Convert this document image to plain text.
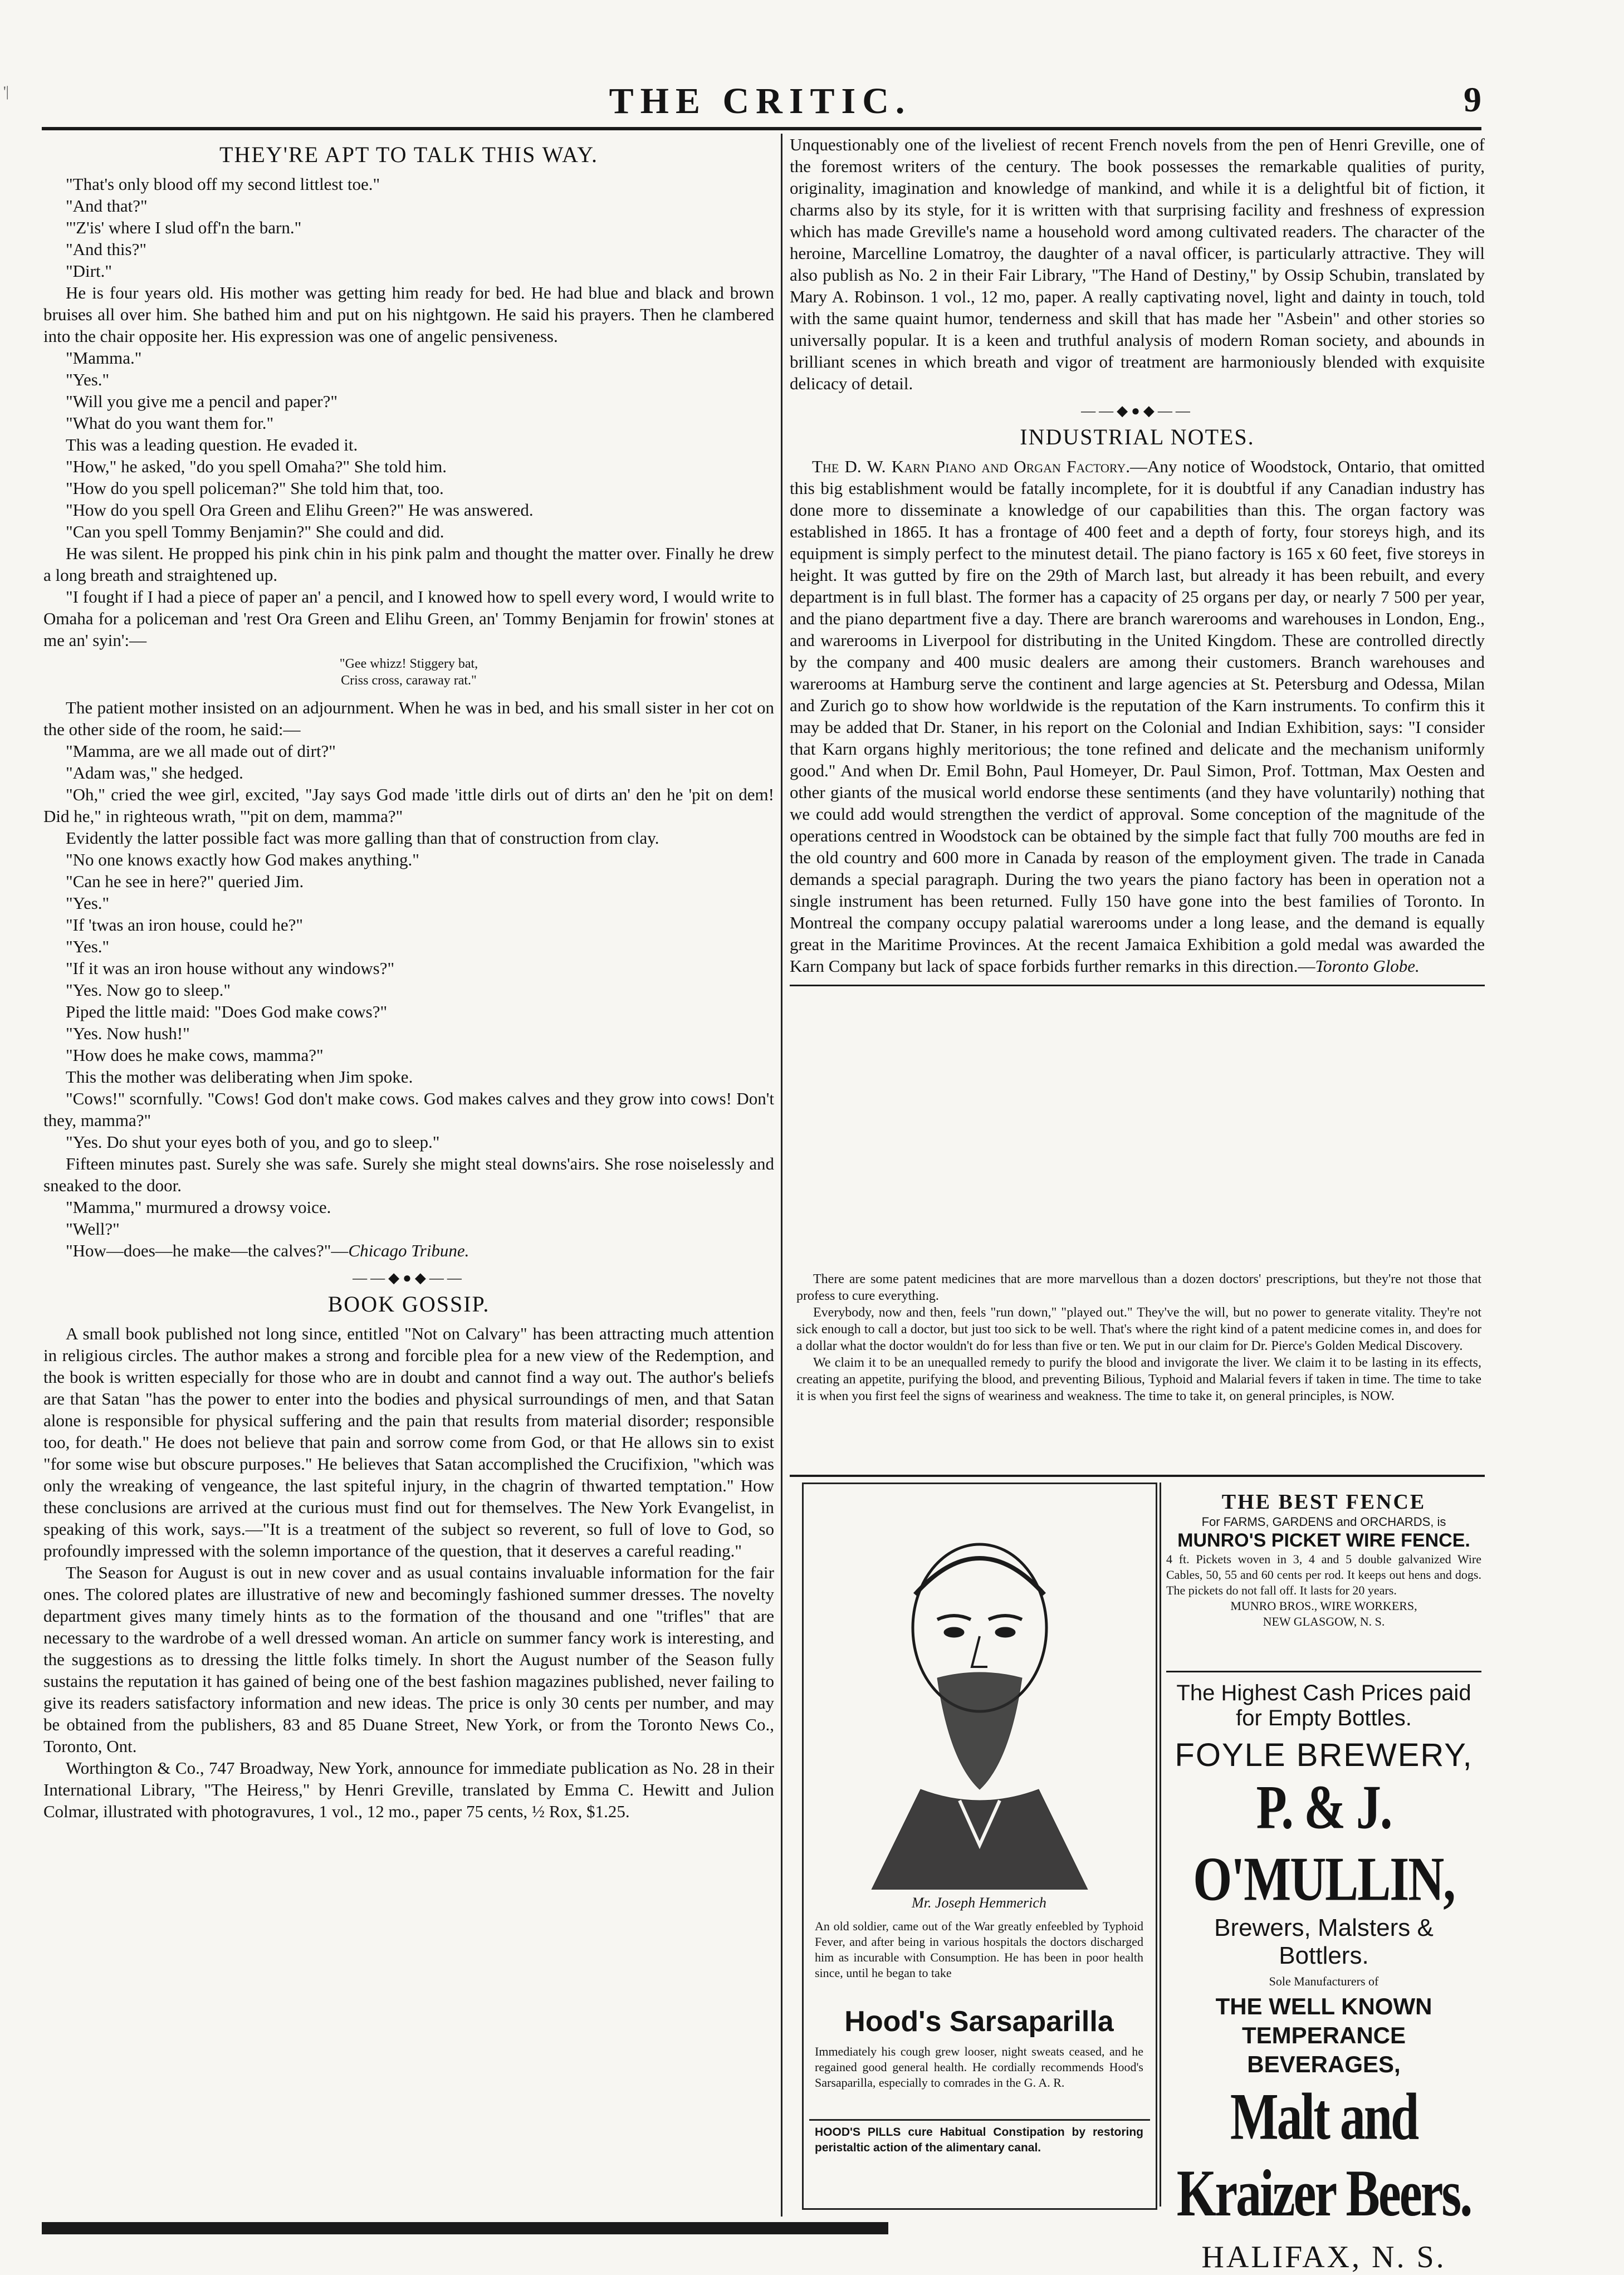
'|	THE CRITIC.	9
THEY'RE APT TO TALK THIS WAY.

"That's only blood off my second littlest toe."

"And that?"

"'Z'is' where I slud off'n the barn."

"And this?"

"Dirt."

He is four years old. His mother was getting him ready for bed. He had blue and black and brown bruises all over him. She bathed him and put on his nightgown. He said his prayers. Then he clambered into the chair opposite her. His expression was one of angelic pensiveness.

"Mamma."

"Yes."

"Will you give me a pencil and paper?"

"What do you want them for."

This was a leading question. He evaded it.

"How," he asked, "do you spell Omaha?" She told him.

"How do you spell policeman?" She told him that, too.

"How do you spell Ora Green and Elihu Green?" He was answered.

"Can you spell Tommy Benjamin?" She could and did.

He was silent. He propped his pink chin in his pink palm and thought the matter over. Finally he drew a long breath and straightened up.

"I fought if I had a piece of paper an' a pencil, and I knowed how to spell every word, I would write to Omaha for a policeman and 'rest Ora Green and Elihu Green, an' Tommy Benjamin for frowin' stones at me an' syin':—

"Gee whizz! Stiggery bat,
Criss cross, caraway rat."

The patient mother insisted on an adjournment. When he was in bed, and his small sister in her cot on the other side of the room, he said:—

"Mamma, are we all made out of dirt?"

"Adam was," she hedged.

"Oh," cried the wee girl, excited, "Jay says God made 'ittle dirls out of dirts an' den he 'pit on dem! Did he," in righteous wrath, "'pit on dem, mamma?"

Evidently the latter possible fact was more galling than that of construction from clay.

"No one knows exactly how God makes anything."

"Can he see in here?" queried Jim.

"Yes."

"If 'twas an iron house, could he?"

"Yes."

"If it was an iron house without any windows?"

"Yes. Now go to sleep."

Piped the little maid: "Does God make cows?"

"Yes. Now hush!"

"How does he make cows, mamma?"

This the mother was deliberating when Jim spoke.

"Cows!" scornfully. "Cows! God don't make cows. God makes calves and they grow into cows! Don't they, mamma?"

"Yes. Do shut your eyes both of you, and go to sleep."

Fifteen minutes past. Surely she was safe. Surely she might steal downs'airs. She rose noiselessly and sneaked to the door.

"Mamma," murmured a drowsy voice.

"Well?"

"How—does—he make—the calves?"—Chicago Tribune.

——◆●◆——
BOOK GOSSIP.

A small book published not long since, entitled "Not on Calvary" has been attracting much attention in religious circles. The author makes a strong and forcible plea for a new view of the Redemption, and the book is written especially for those who are in doubt and cannot find a way out. The author's beliefs are that Satan "has the power to enter into the bodies and physical surroundings of men, and that Satan alone is responsible for physical suffering and the pain that results from material disorder; responsible too, for death." He does not believe that pain and sorrow come from God, or that He allows sin to exist "for some wise but obscure purposes." He believes that Satan accomplished the Crucifixion, "which was only the wreaking of vengeance, the last spiteful injury, in the chagrin of thwarted temptation." How these conclusions are arrived at the curious must find out for themselves. The New York Evangelist, in speaking of this work, says.—"It is a treatment of the subject so reverent, so full of love to God, so profoundly impressed with the solemn importance of the question, that it deserves a careful reading."

The Season for August is out in new cover and as usual contains invaluable information for the fair ones. The colored plates are illustrative of new and becomingly fashioned summer dresses. The novelty department gives many timely hints as to the formation of the thousand and one "trifles" that are necessary to the wardrobe of a well dressed woman. An article on summer fancy work is interesting, and the suggestions as to dressing the little folks timely. In short the August number of the Season fully sustains the reputation it has gained of being one of the best fashion magazines published, never failing to give its readers satisfactory information and new ideas. The price is only 30 cents per number, and may be obtained from the publishers, 83 and 85 Duane Street, New York, or from the Toronto News Co., Toronto, Ont.

Worthington & Co., 747 Broadway, New York, announce for immediate publication as No. 28 in their International Library, "The Heiress," by Henri Greville, translated by Emma C. Hewitt and Julion Colmar, illustrated with photogravures, 1 vol., 12 mo., paper 75 cents, ½ Rox, $1.25.

Unquestionably one of the liveliest of recent French novels from the pen of Henri Greville, one of the foremost writers of the century. The book possesses the remarkable qualities of purity, originality, imagination and knowledge of mankind, and while it is a delightful bit of fiction, it charms also by its style, for it is written with that surprising facility and freshness of expression which has made Greville's name a household word among cultivated readers. The character of the heroine, Marcelline Lomatroy, the daughter of a naval officer, is particularly attractive. They will also publish as No. 2 in their Fair Library, "The Hand of Destiny," by Ossip Schubin, translated by Mary A. Robinson. 1 vol., 12 mo, paper. A really captivating novel, light and dainty in touch, told with the same quaint humor, tenderness and skill that has made her "Asbein" and other stories so universally popular. It is a keen and truthful analysis of modern Roman society, and abounds in brilliant scenes in which breath and vigor of treatment are harmoniously blended with exquisite delicacy of detail.

——◆●◆——
INDUSTRIAL NOTES.

The D. W. Karn Piano and Organ Factory.—Any notice of Woodstock, Ontario, that omitted this big establishment would be fatally incomplete, for it is doubtful if any Canadian industry has done more to disseminate a knowledge of our capabilities than this. The organ factory was established in 1865. It has a frontage of 400 feet and a depth of forty, four storeys high, and its equipment is simply perfect to the minutest detail. The piano factory is 165 x 60 feet, five storeys in height. It was gutted by fire on the 29th of March last, but already it has been rebuilt, and every department is in full blast. The former has a capacity of 25 organs per day, or nearly 7 500 per year, and the piano department five a day. There are branch warerooms and warehouses in London, Eng., and warerooms in Liverpool for distributing in the United Kingdom. These are controlled directly by the company and 400 music dealers are among their customers. Branch warehouses and warerooms at Hamburg serve the continent and large agencies at St. Petersburg and Odessa, Milan and Zurich go to show how worldwide is the reputation of the Karn instruments. To confirm this it may be added that Dr. Staner, in his report on the Colonial and Indian Exhibition, says: "I consider that Karn organs highly meritorious; the tone refined and delicate and the mechanism uniformly good." And when Dr. Emil Bohn, Paul Homeyer, Dr. Paul Simon, Prof. Tottman, Max Oesten and other giants of the musical world endorse these sentiments (and they have voluntarily) nothing that we could add would strengthen the verdict of approval. Some conception of the magnitude of the operations centred in Woodstock can be obtained by the simple fact that fully 700 mouths are fed in the old country and 600 more in Canada by reason of the employment given. The trade in Canada demands a special paragraph. During the two years the piano factory has been in operation not a single instrument has been returned. Fully 150 have gone into the best families of Toronto. In Montreal the company occupy palatial warerooms under a long lease, and the demand is equally great in the Maritime Provinces. At the recent Jamaica Exhibition a gold medal was awarded the Karn Company but lack of space forbids further remarks in this direction.—Toronto Globe.

There are some patent medicines that are more marvellous than a dozen doctors' prescriptions, but they're not those that profess to cure everything.

Everybody, now and then, feels "run down," "played out." They've the will, but no power to generate vitality. They're not sick enough to call a doctor, but just too sick to be well. That's where the right kind of a patent medicine comes in, and does for a dollar what the doctor wouldn't do for less than five or ten. We put in our claim for Dr. Pierce's Golden Medical Discovery.

We claim it to be an unequalled remedy to purify the blood and invigorate the liver. We claim it to be lasting in its effects, creating an appetite, purifying the blood, and preventing Bilious, Typhoid and Malarial fevers if taken in time. The time to take it is when you first feel the signs of weariness and weakness. The time to take it, on general principles, is NOW.

Mr. Joseph Hemmerich
An old soldier, came out of the War greatly enfeebled by Typhoid Fever, and after being in various hospitals the doctors discharged him as incurable with Consumption. He has been in poor health since, until he began to take
Hood's Sarsaparilla
Immediately his cough grew looser, night sweats ceased, and he regained good general health. He cordially recommends Hood's Sarsaparilla, especially to comrades in the G. A. R.
HOOD'S PILLS cure Habitual Constipation by restoring peristaltic action of the alimentary canal.
THE BEST FENCE
For FARMS, GARDENS and ORCHARDS, is
MUNRO'S PICKET WIRE FENCE.
4 ft. Pickets woven in 3, 4 and 5 double galvanized Wire Cables, 50, 55 and 60 cents per rod. It keeps out hens and dogs. The pickets do not fall off. It lasts for 20 years.
MUNRO BROS., WIRE WORKERS,
NEW GLASGOW, N. S.
The Highest Cash Prices paid for Empty Bottles.
FOYLE BREWERY,
P. & J. O'MULLIN,
Brewers, Malsters & Bottlers.
Sole Manufacturers of
THE WELL KNOWN TEMPERANCE BEVERAGES,
Malt and Kraizer Beers.
HALIFAX, N. S.
